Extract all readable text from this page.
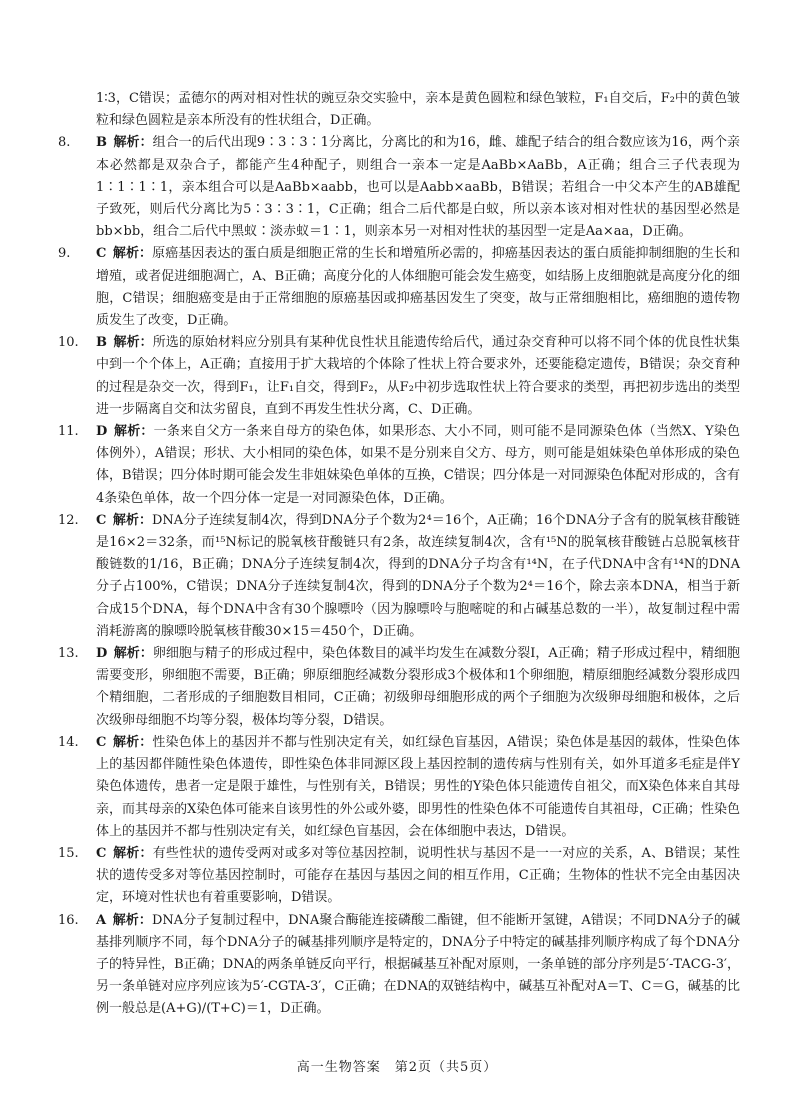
1∶3，C错误；孟德尔的两对相对性状的豌豆杂交实验中，亲本是黄色圆粒和绿色皱粒，F₁自交后，F₂中的黄色皱粒和绿色圆粒是亲本所没有的性状组合，D正确。
8.	B  解析：组合一的后代出现9∶3∶3∶1分离比，分离比的和为16，雌、雄配子结合的组合数应该为16，两个亲本必然都是双杂合子，都能产生4种配子，则组合一亲本一定是AaBb×AaBb，A正确；组合三子代表现为1∶1∶1∶1，亲本组合可以是AaBb×aabb，也可以是Aabb×aaBb，B错误；若组合一中父本产生的AB雄配子致死，则后代分离比为5∶3∶3∶1，C正确；组合二后代都是白蚁，所以亲本该对相对性状的基因型必然是bb×bb，组合二后代中黑蚁∶淡赤蚁＝1∶1，则亲本另一对相对性状的基因型一定是Aa×aa，D正确。
9.	C  解析：原癌基因表达的蛋白质是细胞正常的生长和增殖所必需的，抑癌基因表达的蛋白质能抑制细胞的生长和增殖，或者促进细胞凋亡，A、B正确；高度分化的人体细胞可能会发生癌变，如结肠上皮细胞就是高度分化的细胞，C错误；细胞癌变是由于正常细胞的原癌基因或抑癌基因发生了突变，故与正常细胞相比，癌细胞的遗传物质发生了改变，D正确。
10.	B  解析：所选的原始材料应分别具有某种优良性状且能遗传给后代，通过杂交育种可以将不同个体的优良性状集中到一个个体上，A正确；直接用于扩大栽培的个体除了性状上符合要求外，还要能稳定遗传，B错误；杂交育种的过程是杂交一次，得到F₁，让F₁自交，得到F₂，从F₂中初步选取性状上符合要求的类型，再把初步选出的类型进一步隔离自交和汰劣留良，直到不再发生性状分离，C、D正确。
11.	D  解析：一条来自父方一条来自母方的染色体，如果形态、大小不同，则可能不是同源染色体（当然X、Y染色体例外），A错误；形状、大小相同的染色体，如果不是分别来自父方、母方，则可能是姐妹染色单体形成的染色体，B错误；四分体时期可能会发生非姐妹染色单体的互换，C错误；四分体是一对同源染色体配对形成的，含有4条染色单体，故一个四分体一定是一对同源染色体，D正确。
12.	C  解析：DNA分子连续复制4次，得到DNA分子个数为2⁴＝16个，A正确；16个DNA分子含有的脱氧核苷酸链是16×2＝32条，而¹⁵N标记的脱氧核苷酸链只有2条，故连续复制4次，含有¹⁵N的脱氧核苷酸链占总脱氧核苷酸链数的1/16，B正确；DNA分子连续复制4次，得到的DNA分子均含有¹⁴N，在子代DNA中含有¹⁴N的DNA分子占100%，C错误；DNA分子连续复制4次，得到的DNA分子个数为2⁴＝16个，除去亲本DNA，相当于新合成15个DNA，每个DNA中含有30个腺嘌呤（因为腺嘌呤与胞嘧啶的和占碱基总数的一半），故复制过程中需消耗游离的腺嘌呤脱氧核苷酸30×15＝450个，D正确。
13.	D  解析：卵细胞与精子的形成过程中，染色体数目的减半均发生在减数分裂Ⅰ，A正确；精子形成过程中，精细胞需要变形，卵细胞不需要，B正确；卵原细胞经减数分裂形成3个极体和1个卵细胞，精原细胞经减数分裂形成四个精细胞，二者形成的子细胞数目相同，C正确；初级卵母细胞形成的两个子细胞为次级卵母细胞和极体，之后次级卵母细胞不均等分裂，极体均等分裂，D错误。
14.	C  解析：性染色体上的基因并不都与性别决定有关，如红绿色盲基因，A错误；染色体是基因的载体，性染色体上的基因都伴随性染色体遗传，即性染色体非同源区段上基因控制的遗传病与性别有关，如外耳道多毛症是伴Y染色体遗传，患者一定是限于雄性，与性别有关，B错误；男性的Y染色体只能遗传自祖父，而X染色体来自其母亲，而其母亲的X染色体可能来自该男性的外公或外婆，即男性的性染色体不可能遗传自其祖母，C正确；性染色体上的基因并不都与性别决定有关，如红绿色盲基因，会在体细胞中表达，D错误。
15.	C  解析：有些性状的遗传受两对或多对等位基因控制，说明性状与基因不是一一对应的关系，A、B错误；某性状的遗传受多对等位基因控制时，可能存在基因与基因之间的相互作用，C正确；生物体的性状不完全由基因决定，环境对性状也有着重要影响，D错误。
16.	A  解析：DNA分子复制过程中，DNA聚合酶能连接磷酸二酯键，但不能断开氢键，A错误；不同DNA分子的碱基排列顺序不同，每个DNA分子的碱基排列顺序是特定的，DNA分子中特定的碱基排列顺序构成了每个DNA分子的特异性，B正确；DNA的两条单链反向平行，根据碱基互补配对原则，一条单链的部分序列是5′-TACG-3′，另一条单链对应序列应该为5′-CGTA-3′，C正确；在DNA的双链结构中，碱基互补配对A＝T、C＝G，碱基的比例一般总是(A+G)/(T+C)＝1，D正确。
高一生物答案　第2页（共5页）
